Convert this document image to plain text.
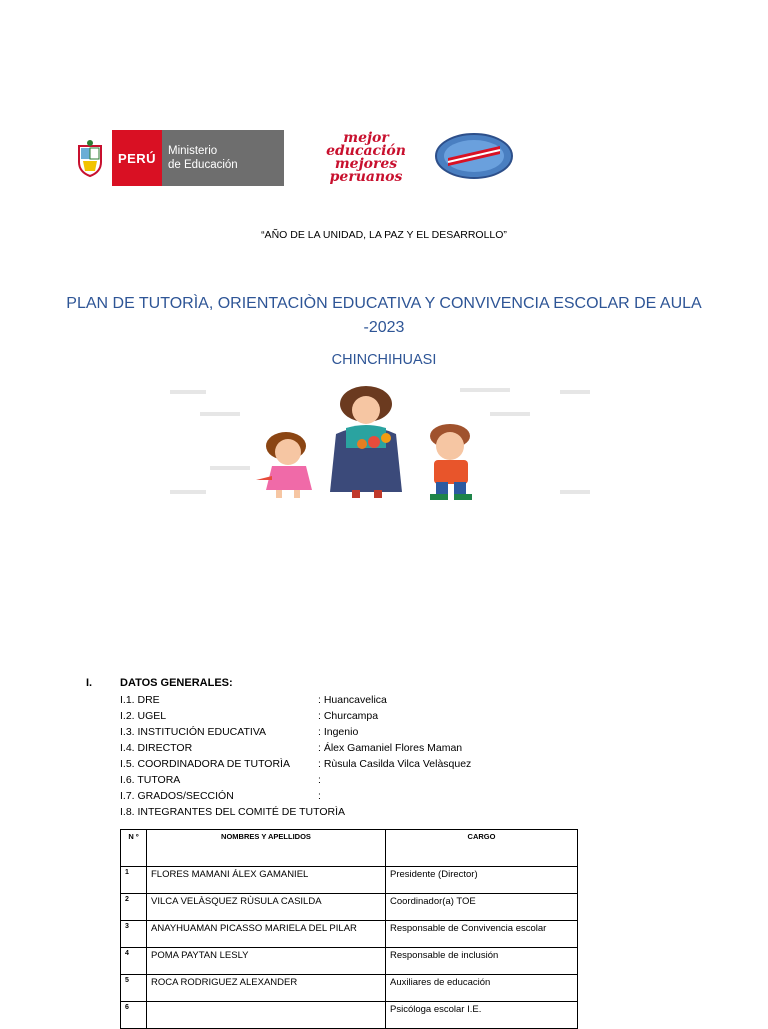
PERÚ	Ministerio
de Educación
mejor
educación
mejores
peruanos
“AÑO DE LA UNIDAD, LA PAZ Y EL DESARROLLO”
PLAN DE TUTORÌA, ORIENTACIÒN EDUCATIVA Y CONVIVENCIA ESCOLAR DE AULA -2023
CHINCHIHUASI
I.	DATOS GENERALES:
I.1. DRE	: Huancavelica
I.2. UGEL	: Churcampa
I.3. INSTITUCIÓN EDUCATIVA	: Ingenio
I.4. DIRECTOR	: Álex Gamaniel Flores Maman
I.5. COORDINADORA DE TUTORÌA	: Rùsula Casilda Vilca Velàsquez
I.6. TUTORA	:
I.7. GRADOS/SECCIÓN	:
I.8. INTEGRANTES DEL COMITÉ DE TUTORÌA
N º	NOMBRES Y APELLIDOS	CARGO
1	FLORES MAMANI ÁLEX GAMANIEL	Presidente (Director)
2	VILCA VELÀSQUEZ RÙSULA CASILDA	Coordinador(a) TOE
3	ANAYHUAMAN PICASSO MARIELA DEL PILAR	Responsable de Convivencia escolar
4	POMA PAYTAN LESLY	Responsable de inclusión
5	ROCA RODRIGUEZ ALEXANDER	Auxiliares de educación
6		Psicóloga escolar I.E.
